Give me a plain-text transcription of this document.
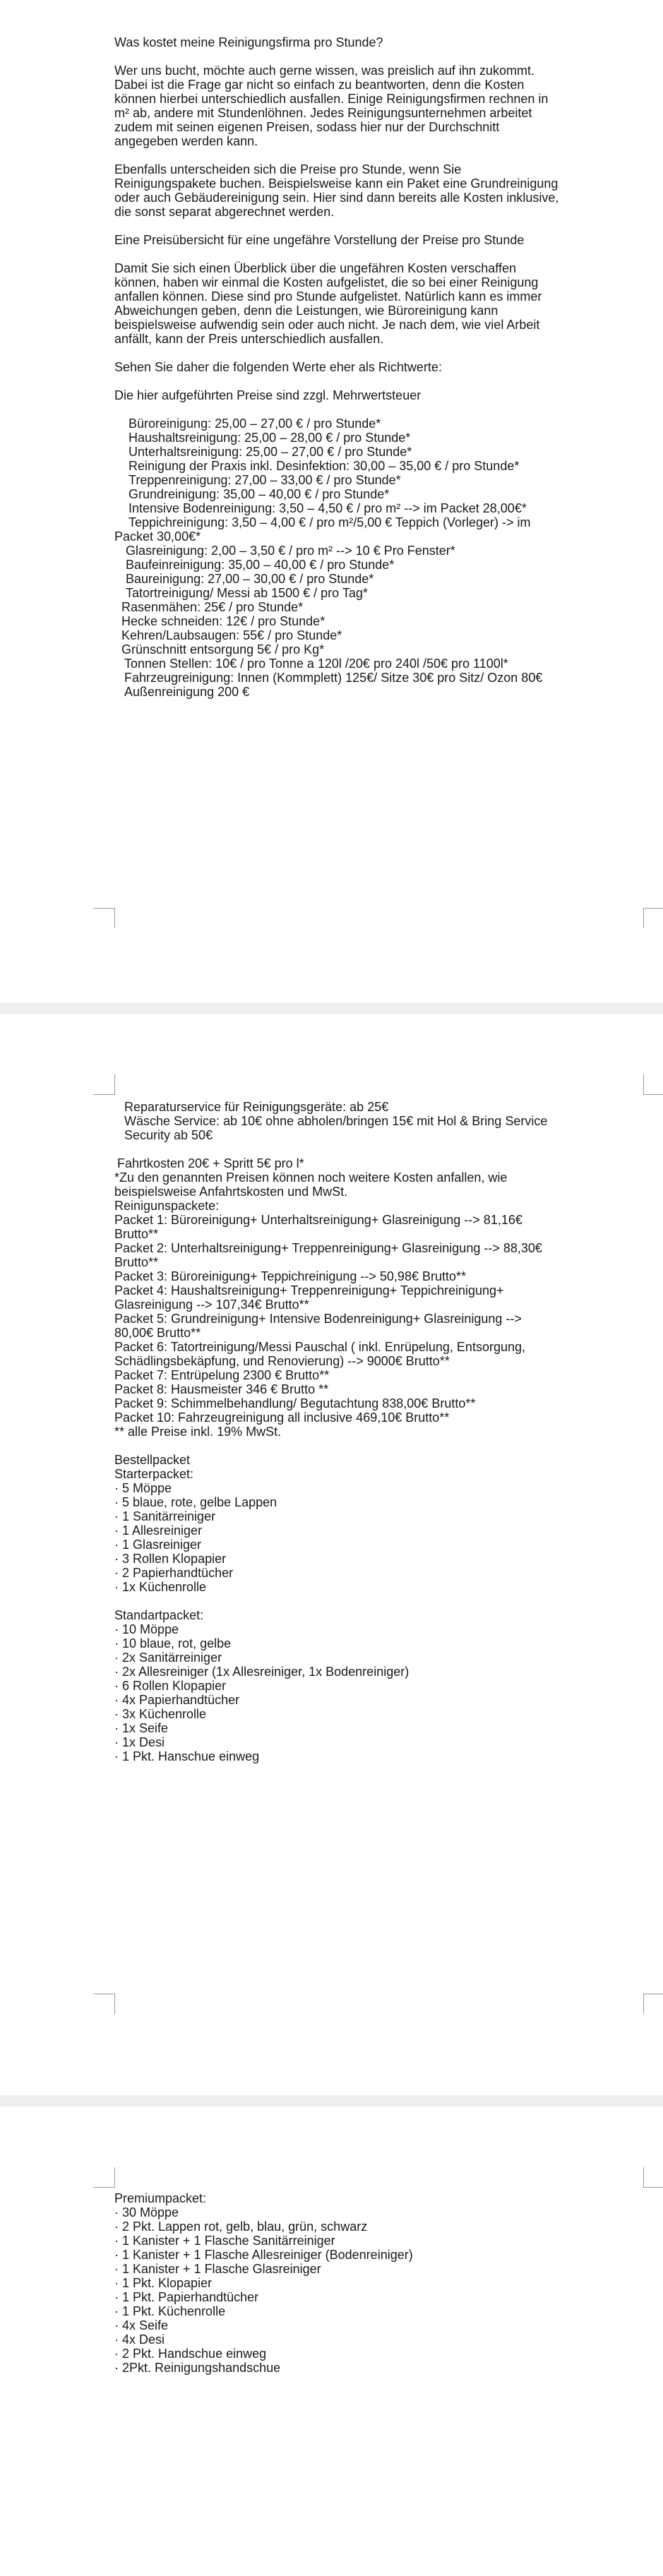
Was kostet meine Reinigungsfirma pro Stunde?

Wer uns bucht, möchte auch gerne wissen, was preislich auf ihn zukommt.

Dabei ist die Frage gar nicht so einfach zu beantworten, denn die Kosten

können hierbei unterschiedlich ausfallen. Einige Reinigungsfirmen rechnen in

m² ab, andere mit Stundenlöhnen. Jedes Reinigungsunternehmen arbeitet

zudem mit seinen eigenen Preisen, sodass hier nur der Durchschnitt

angegeben werden kann.

Ebenfalls unterscheiden sich die Preise pro Stunde, wenn Sie

Reinigungspakete buchen. Beispielsweise kann ein Paket eine Grundreinigung

oder auch Gebäudereinigung sein. Hier sind dann bereits alle Kosten inklusive,

die sonst separat abgerechnet werden.

Eine Preisübersicht für eine ungefähre Vorstellung der Preise pro Stunde

Damit Sie sich einen Überblick über die ungefähren Kosten verschaffen

können, haben wir einmal die Kosten aufgelistet, die so bei einer Reinigung

anfallen können. Diese sind pro Stunde aufgelistet. Natürlich kann es immer

Abweichungen geben, denn die Leistungen, wie Büroreinigung kann

beispielsweise aufwendig sein oder auch nicht. Je nach dem, wie viel Arbeit

anfällt, kann der Preis unterschiedlich ausfallen.

Sehen Sie daher die folgenden Werte eher als Richtwerte:

Die hier aufgeführten Preise sind zzgl. Mehrwertsteuer

Büroreinigung: 25,00 – 27,00 € / pro Stunde*

Haushaltsreinigung: 25,00 – 28,00 € / pro Stunde*

Unterhaltsreinigung: 25,00 – 27,00 € / pro Stunde*

Reinigung der Praxis inkl. Desinfektion: 30,00 – 35,00 € / pro Stunde*

Treppenreinigung: 27,00 – 33,00 € / pro Stunde*

Grundreinigung: 35,00 – 40,00 € / pro Stunde*

Intensive Bodenreinigung: 3,50 – 4,50 € / pro m² --> im Packet 28,00€*

Teppichreinigung: 3,50 – 4,00 € / pro m²/5,00 € Teppich (Vorleger) -> im

Packet 30,00€*

Glasreinigung: 2,00 – 3,50 € / pro m² --> 10 € Pro Fenster*

Baufeinreinigung: 35,00 – 40,00 € / pro Stunde*

Baureinigung: 27,00 – 30,00 € / pro Stunde*

Tatortreinigung/ Messi ab 1500 € / pro Tag*

Rasenmähen: 25€ / pro Stunde*

Hecke schneiden: 12€ / pro Stunde*

Kehren/Laubsaugen: 55€ / pro Stunde*

Grünschnitt entsorgung 5€ / pro Kg*

Tonnen Stellen: 10€ / pro Tonne a 120l /20€ pro 240l /50€ pro 1100l*

Fahrzeugreinigung: Innen (Kommplett) 125€/ Sitze 30€ pro Sitz/ Ozon 80€

Außenreinigung 200 €

Reparaturservice für Reinigungsgeräte: ab 25€

Wäsche Service: ab 10€ ohne abholen/bringen 15€ mit Hol & Bring Service

Security ab 50€

Fahrtkosten 20€ + Spritt 5€ pro l*

*Zu den genannten Preisen können noch weitere Kosten anfallen, wie

beispielsweise Anfahrtskosten und MwSt.

Reinigunspackete:

Packet 1: Büroreinigung+ Unterhaltsreinigung+ Glasreinigung --> 81,16€

Brutto**

Packet 2: Unterhaltsreinigung+ Treppenreinigung+ Glasreinigung --> 88,30€

Brutto**

Packet 3: Büroreinigung+ Teppichreinigung --> 50,98€ Brutto**

Packet 4: Haushaltsreinigung+ Treppenreinigung+ Teppichreinigung+

Glasreinigung --> 107,34€ Brutto**

Packet 5: Grundreinigung+ Intensive Bodenreinigung+ Glasreinigung -->

80,00€ Brutto**

Packet 6: Tatortreinigung/Messi Pauschal ( inkl. Enrüpelung, Entsorgung,

Schädlingsbekäpfung, und Renovierung) --> 9000€ Brutto**

Packet 7: Entrüpelung 2300 € Brutto**

Packet 8: Hausmeister 346 € Brutto **

Packet 9: Schimmelbehandlung/ Begutachtung 838,00€ Brutto**

Packet 10: Fahrzeugreinigung all inclusive 469,10€ Brutto**

** alle Preise inkl. 19% MwSt.

Bestellpacket

Starterpacket:

· 5 Möppe

· 5 blaue, rote, gelbe Lappen

· 1 Sanitärreiniger

· 1 Allesreiniger

· 1 Glasreiniger

· 3 Rollen Klopapier

· 2 Papierhandtücher

· 1x Küchenrolle

Standartpacket:

· 10 Möppe

· 10 blaue, rot, gelbe

· 2x Sanitärreiniger

· 2x Allesreiniger (1x Allesreiniger, 1x Bodenreiniger)

· 6 Rollen Klopapier

· 4x Papierhandtücher

· 3x Küchenrolle

· 1x Seife

· 1x Desi

· 1 Pkt. Hanschue einweg

Premiumpacket:

· 30 Möppe

· 2 Pkt. Lappen rot, gelb, blau, grün, schwarz

· 1 Kanister + 1 Flasche Sanitärreiniger

· 1 Kanister + 1 Flasche Allesreiniger (Bodenreiniger)

· 1 Kanister + 1 Flasche Glasreiniger

· 1 Pkt. Klopapier

· 1 Pkt. Papierhandtücher

· 1 Pkt. Küchenrolle

· 4x Seife

· 4x Desi

· 2 Pkt. Handschue einweg

· 2Pkt. Reinigungshandschue
